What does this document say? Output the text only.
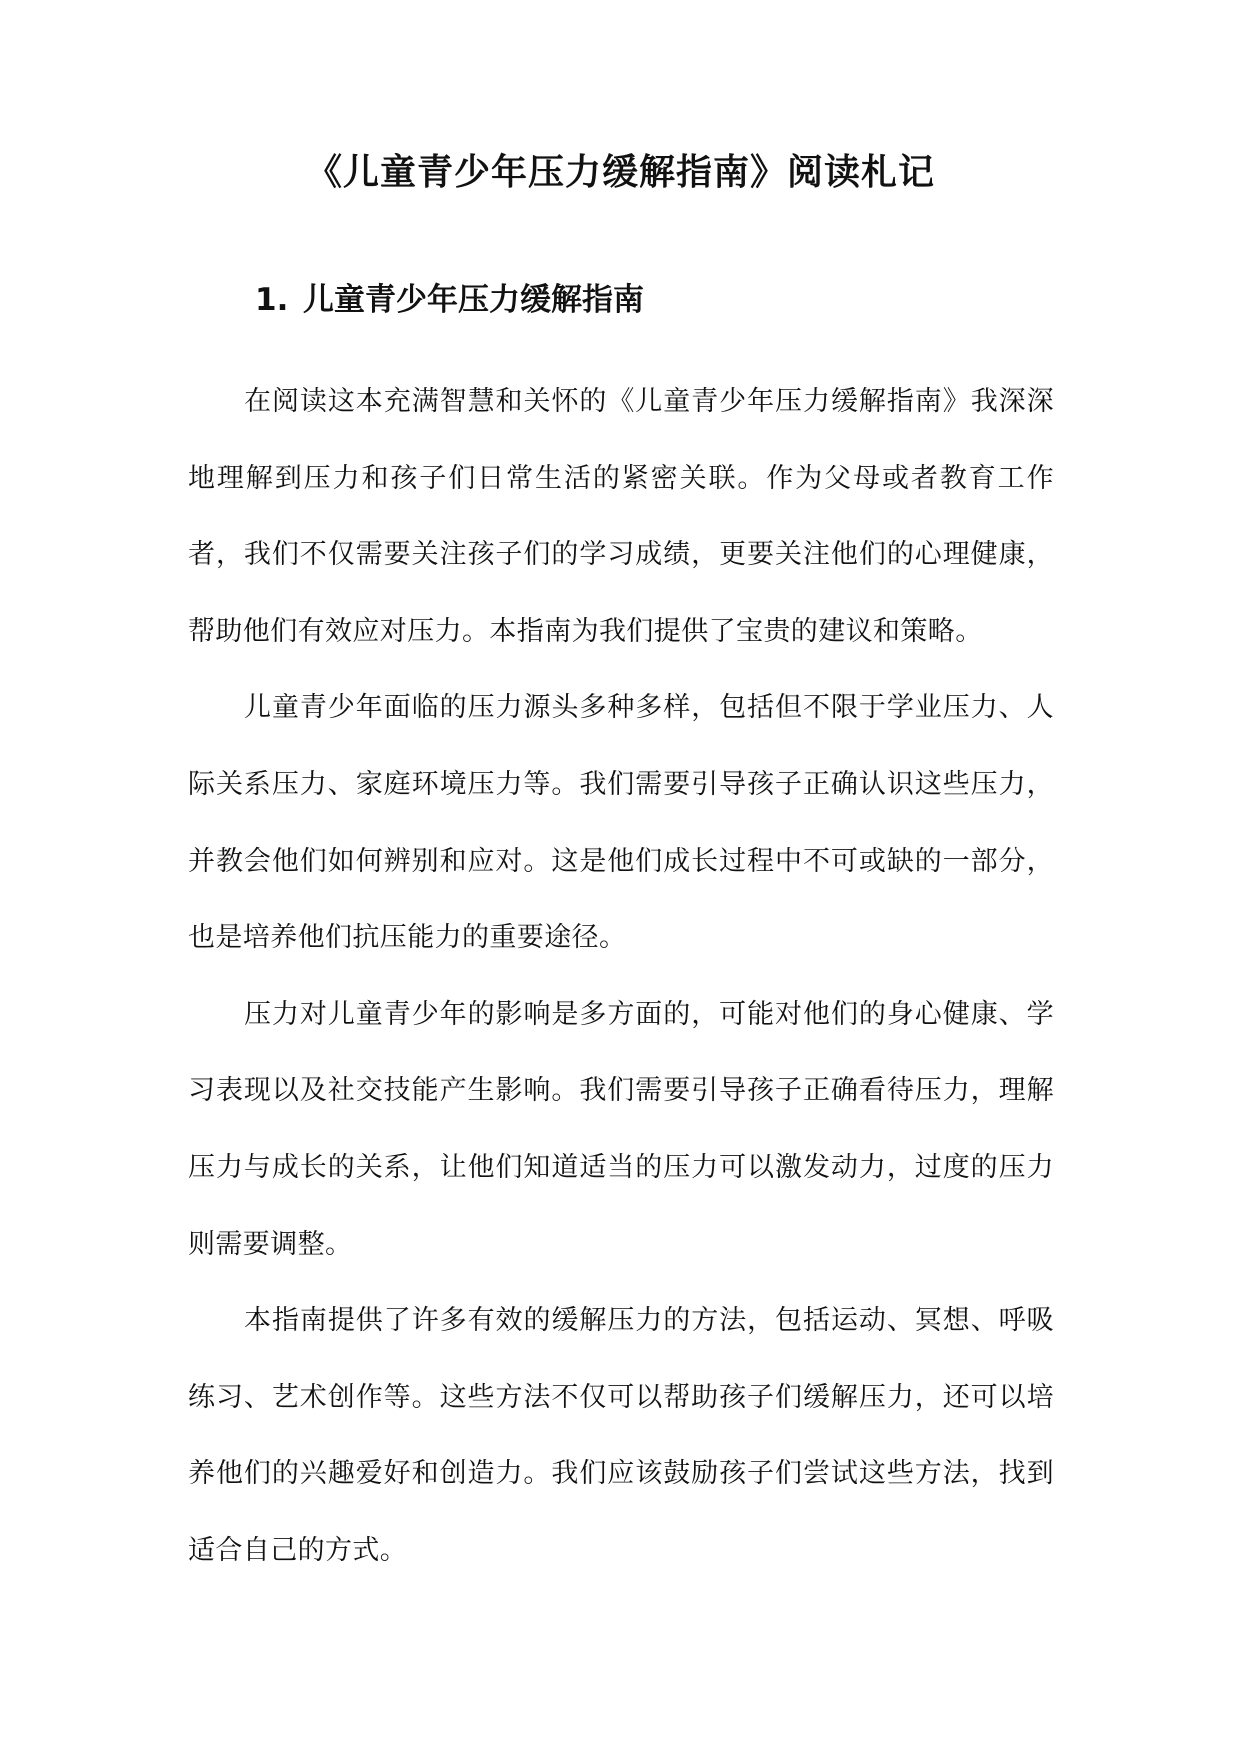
《儿童青少年压力缓解指南》阅读札记
1. 儿童青少年压力缓解指南

在阅读这本充满智慧和关怀的《儿童青少年压力缓解指南》我深深地理解到压力和孩子们日常生活的紧密关联。作为父母或者教育工作者，我们不仅需要关注孩子们的学习成绩，更要关注他们的心理健康，帮助他们有效应对压力。本指南为我们提供了宝贵的建议和策略。

儿童青少年面临的压力源头多种多样，包括但不限于学业压力、人际关系压力、家庭环境压力等。我们需要引导孩子正确认识这些压力，并教会他们如何辨别和应对。这是他们成长过程中不可或缺的一部分，也是培养他们抗压能力的重要途径。

压力对儿童青少年的影响是多方面的，可能对他们的身心健康、学习表现以及社交技能产生影响。我们需要引导孩子正确看待压力，理解压力与成长的关系，让他们知道适当的压力可以激发动力，过度的压力则需要调整。

本指南提供了许多有效的缓解压力的方法，包括运动、冥想、呼吸练习、艺术创作等。这些方法不仅可以帮助孩子们缓解压力，还可以培养他们的兴趣爱好和创造力。我们应该鼓励孩子们尝试这些方法，找到适合自己的方式。
